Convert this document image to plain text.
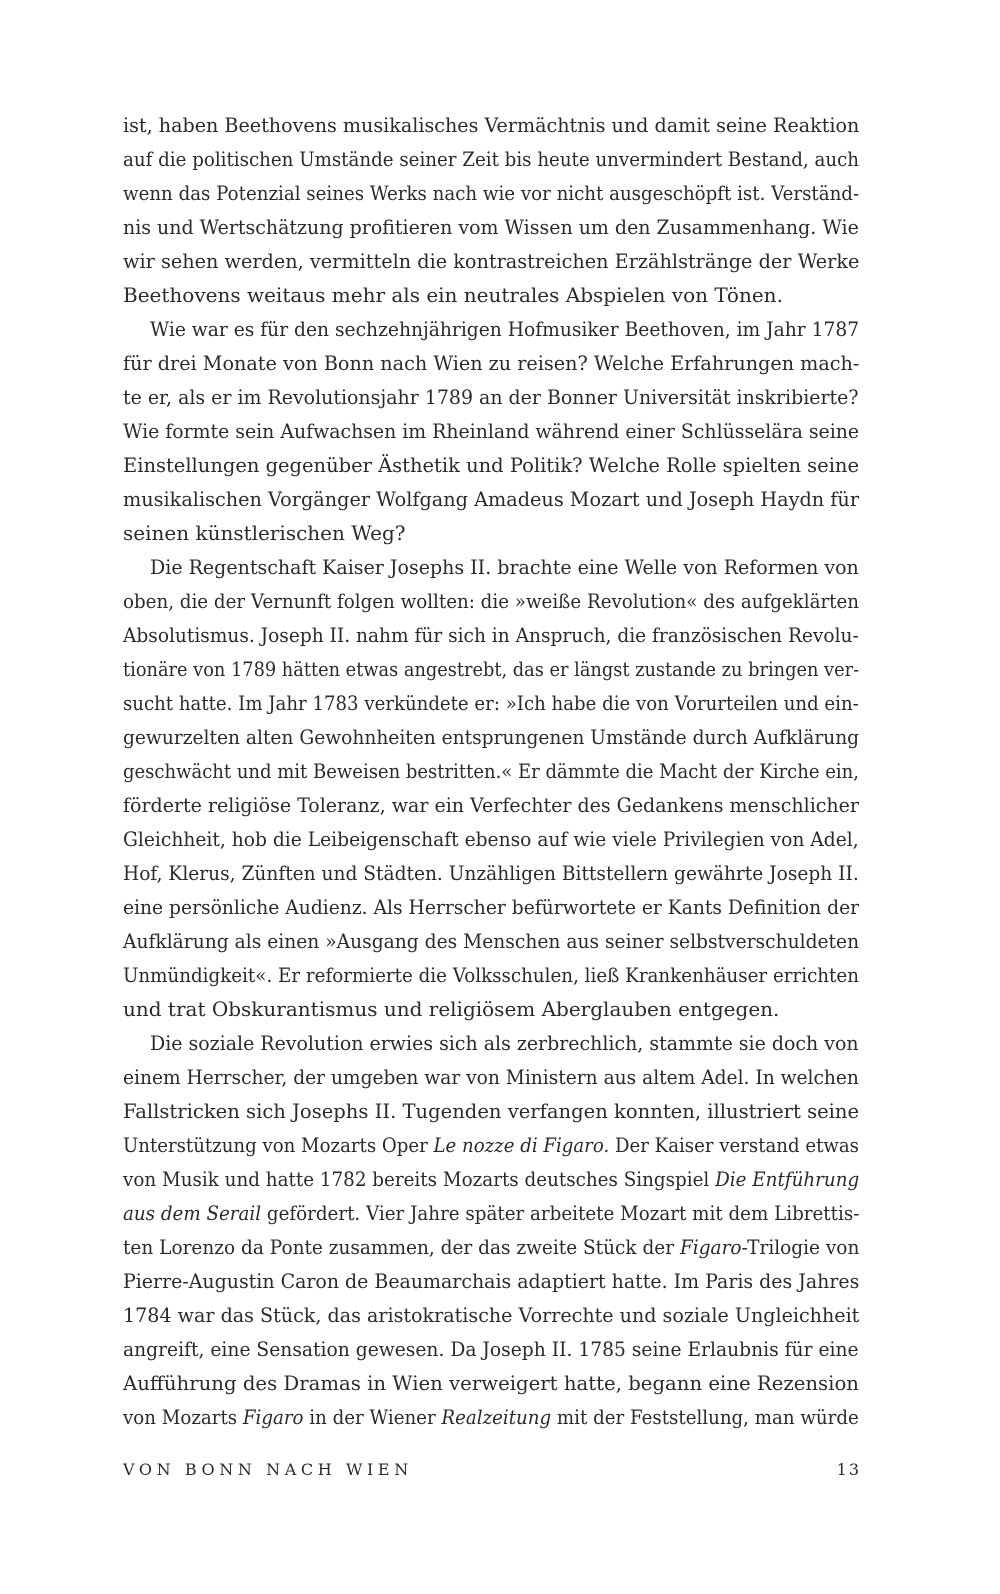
ist, haben Beethovens musikalisches Vermächtnis und damit seine Reaktion
auf die politischen Umstände seiner Zeit bis heute unvermindert Bestand, auch
wenn das Potenzial seines Werks nach wie vor nicht ausgeschöpft ist. Verständ-
nis und Wertschätzung profitieren vom Wissen um den Zusammenhang. Wie
wir sehen werden, vermitteln die kontrastreichen Erzählstränge der Werke
Beethovens weitaus mehr als ein neutrales Abspielen von Tönen.
Wie war es für den sechzehnjährigen Hofmusiker Beethoven, im Jahr 1787
für drei Monate von Bonn nach Wien zu reisen? Welche Erfahrungen mach-
te er, als er im Revolutionsjahr 1789 an der Bonner Universität inskribierte?
Wie formte sein Aufwachsen im Rheinland während einer Schlüsselära seine
Einstellungen gegenüber Ästhetik und Politik? Welche Rolle spielten seine
musikalischen Vorgänger Wolfgang Amadeus Mozart und Joseph Haydn für
seinen künstlerischen Weg?
Die Regentschaft Kaiser Josephs II. brachte eine Welle von Reformen von
oben, die der Vernunft folgen wollten: die »weiße Revolution« des aufgeklärten
Absolutismus. Joseph II. nahm für sich in Anspruch, die französischen Revolu-
tionäre von 1789 hätten etwas angestrebt, das er längst zustande zu bringen ver-
sucht hatte. Im Jahr 1783 verkündete er: »Ich habe die von Vorurteilen und ein-
gewurzelten alten Gewohnheiten entsprungenen Umstände durch Aufklärung
geschwächt und mit Beweisen bestritten.« Er dämmte die Macht der Kirche ein,
förderte religiöse Toleranz, war ein Verfechter des Gedankens menschlicher
Gleichheit, hob die Leibeigenschaft ebenso auf wie viele Privilegien von Adel,
Hof, Klerus, Zünften und Städten. Unzähligen Bittstellern gewährte Joseph II.
eine persönliche Audienz. Als Herrscher befürwortete er Kants Definition der
Aufklärung als einen »Ausgang des Menschen aus seiner selbstverschuldeten
Unmündigkeit«. Er reformierte die Volksschulen, ließ Krankenhäuser errichten
und trat Obskurantismus und religiösem Aberglauben entgegen.
Die soziale Revolution erwies sich als zerbrechlich, stammte sie doch von
einem Herrscher, der umgeben war von Ministern aus altem Adel. In welchen
Fallstricken sich Josephs II. Tugenden verfangen konnten, illustriert seine
Unterstützung von Mozarts Oper Le nozze di Figaro. Der Kaiser verstand etwas
von Musik und hatte 1782 bereits Mozarts deutsches Singspiel Die Entführung
aus dem Serail gefördert. Vier Jahre später arbeitete Mozart mit dem Librettis-
ten Lorenzo da Ponte zusammen, der das zweite Stück der Figaro-Trilogie von
Pierre-Augustin Caron de Beaumarchais adaptiert hatte. Im Paris des Jahres
1784 war das Stück, das aristokratische Vorrechte und soziale Ungleichheit
angreift, eine Sensation gewesen. Da Joseph II. 1785 seine Erlaubnis für eine
Aufführung des Dramas in Wien verweigert hatte, begann eine Rezension
von Mozarts Figaro in der Wiener Realzeitung mit der Feststellung, man würde
VON BONN NACH WIEN	13
